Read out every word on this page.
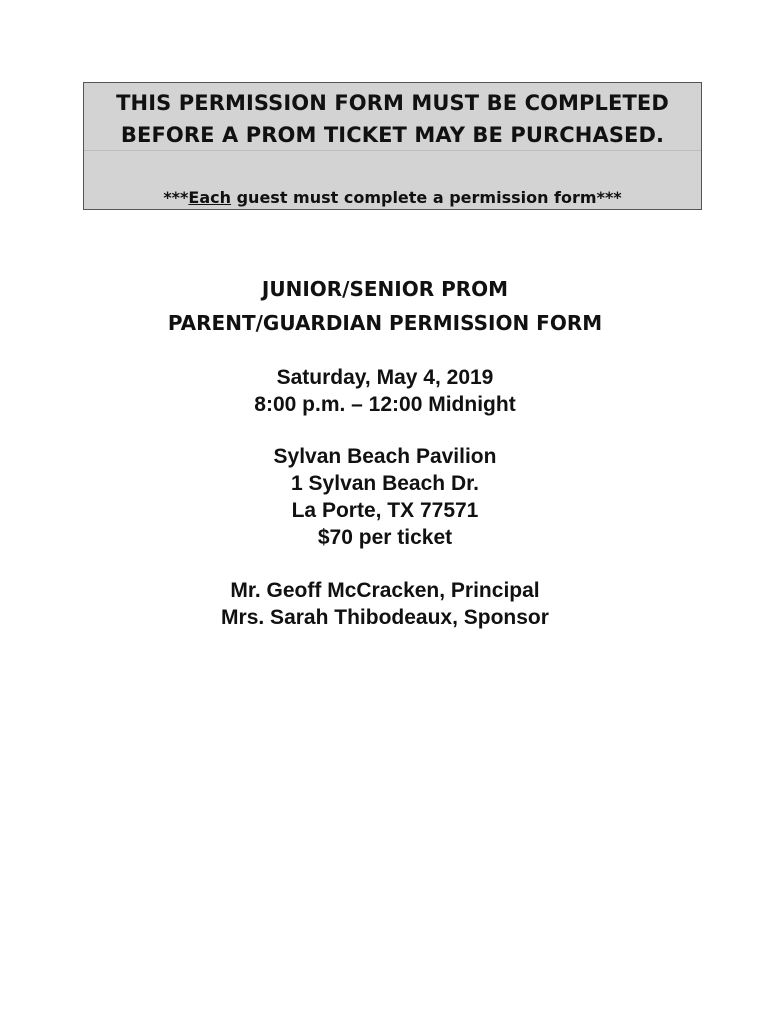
THIS PERMISSION FORM MUST BE COMPLETED
BEFORE A PROM TICKET MAY BE PURCHASED.
***Each guest must complete a permission form***
JUNIOR/SENIOR PROM
PARENT/GUARDIAN PERMISSION FORM
Saturday, May 4, 2019
8:00 p.m. – 12:00 Midnight
Sylvan Beach Pavilion
1 Sylvan Beach Dr.
La Porte, TX 77571
$70 per ticket
Mr. Geoff McCracken, Principal
Mrs. Sarah Thibodeaux, Sponsor
